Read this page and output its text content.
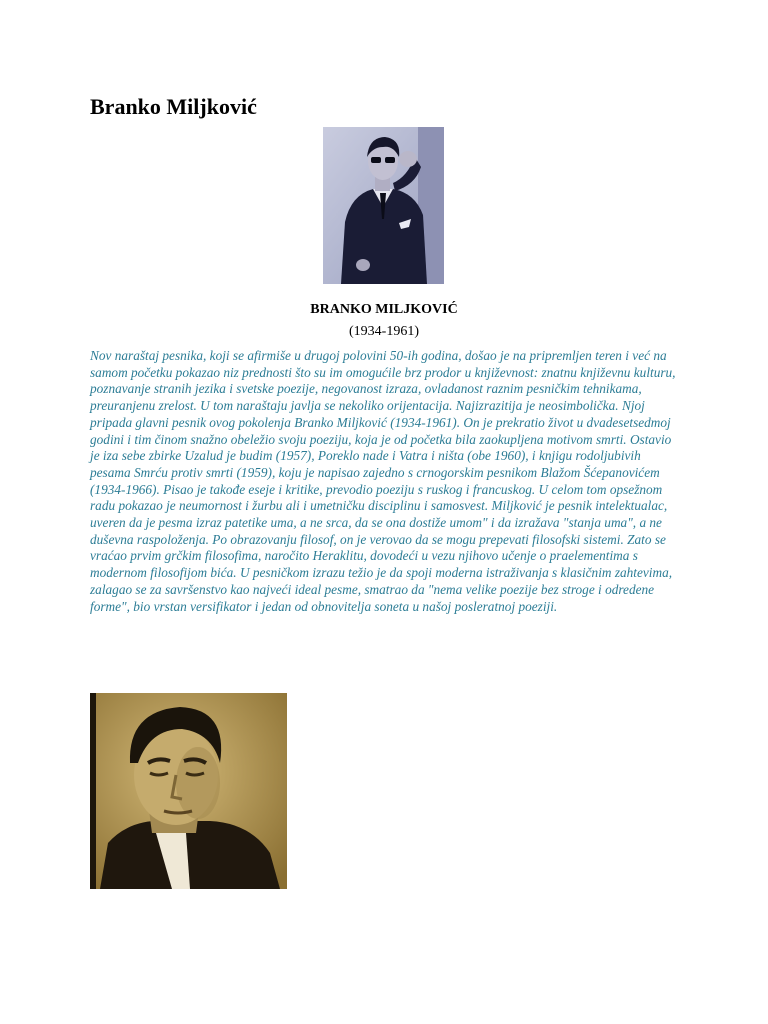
Branko Miljković
BRANKO MILJKOVIĆ
(1934-1961)

Nov naraštaj pesnika, koji se afirmiše u drugoj polovini 50-ih godina, došao je na pripremljen teren i već na samom početku pokazao niz prednosti što su im omogućile brz prodor u književnost: znatnu književnu kulturu, poznavanje stranih jezika i svetske poezije, negovanost izraza, ovladanost raznim pesničkim tehnikama, preuranjenu zrelost. U tom naraštaju javlja se nekoliko orijentacija. Najizrazitija je neosimbolička. Njoj pripada glavni pesnik ovog pokolenja Branko Miljković (1934-1961). On je prekratio život u dvadesetsedmoj godini i tim činom snažno obeležio svoju poeziju, koja je od početka bila zaokupljena motivom smrti. Ostavio je iza sebe zbirke Uzalud je budim (1957), Poreklo nade i Vatra i ništa (obe 1960), i knjigu rodoljubivih pesama Smrću protiv smrti (1959), koju je napisao zajedno s crnogorskim pesnikom Blažom Šćepanovićem (1934-1966). Pisao je takođe eseje i kritike, prevodio poeziju s ruskog i francuskog. U celom tom opsežnom radu pokazao je neumornost i žurbu ali i umetničku disciplinu i samosvest. Miljković je pesnik intelektualac, uveren da je pesma izraz patetike uma, a ne srca, da se ona dostiže umom" i da izražava "stanja uma", a ne duševna raspoloženja. Po obrazovanju filosof, on je verovao da se mogu prepevati filosofski sistemi. Zato se vraćao prvim grčkim filosofima, naročito Heraklitu, dovodeći u vezu njihovo učenje o praelementima s modernom filosofijom bića. U pesničkom izrazu težio je da spoji moderna istraživanja s klasičnim zahtevima, zalagao se za savršenstvo kao najveći ideal pesme, smatrao da "nema velike poezije bez stroge i odredene forme", bio vrstan versifikator i jedan od obnovitelja soneta u našoj posleratnoj poeziji.
